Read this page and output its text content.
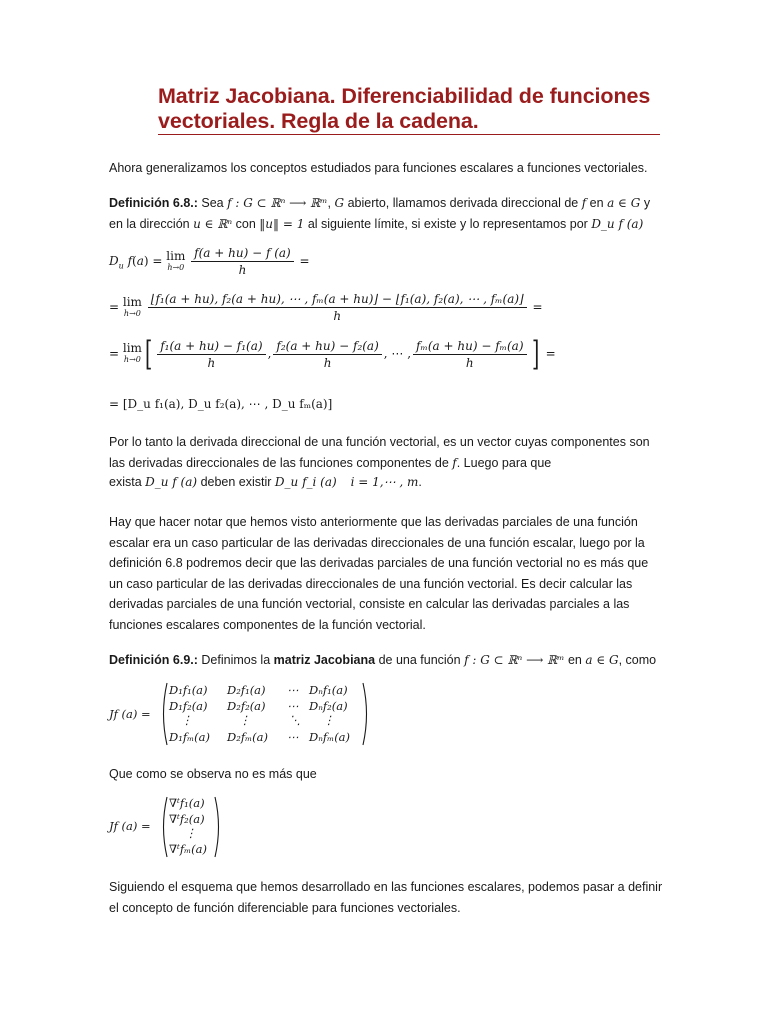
Matriz Jacobiana. Diferenciabilidad de funciones vectoriales. Regla de la cadena.
Ahora generalizamos los conceptos estudiados para funciones escalares a funciones vectoriales.
Definición 6.8.: Sea f : G ⊂ ℝⁿ ⟶ ℝᵐ, G abierto, llamamos derivada direccional de f en a ∈ G y
en la dirección u ∈ ℝⁿ con ‖u‖ = 1 al siguiente límite, si existe y lo representamos por D_u f (a)
$D_u$ f(a) = lim
h→0
$\frac{f(a + hu) - f (a)}{h}$ =
= lim
h→0

⌊f₁(a + hu), f₂(a + hu), ⋯ , fₘ(a + hu)⌋ − ⌊f₁(a), f₂(a), ⋯ , fₘ(a)⌋
h
=
= lim
h→0 [ $\frac{\text{f₁(a + hu) − f₁(a)}}{h}$ , $\frac{\text{f₂(a + hu) − f₂(a)}}{h}$ , ⋯ , $\frac{\text{fₘ(a + hu) − fₘ(a)}}{h}$ ] =
= [D_u f₁(a), D_u f₂(a), ⋯ , D_u fₘ(a)]
Por lo tanto la derivada direccional de una función vectorial, es un vector cuyas componentes son
las derivadas direccionales de las funciones componentes de f. Luego para que
exista D_u f (a) deben existir D_u f_i (a) i = 1,⋯ , m.
Hay que hacer notar que hemos visto anteriormente que las derivadas parciales de una función escalar era un caso particular de las derivadas direccionales de una función escalar, luego por la definición 6.8 podremos decir que las derivadas parciales de una función vectorial no es más que un caso particular de las derivadas direccionales de una función vectorial. Es decir calcular las derivadas parciales de una función vectorial, consiste en calcular las derivadas parciales a las funciones escalares componentes de la función vectorial.
Definición 6.9.: Definimos la matriz Jacobiana de una función f : G ⊂ ℝⁿ ⟶ ℝᵐ en a ∈ G, como
Jf (a) =
D₁f₁(a) D₂f₁(a) ⋯ Dₙf₁(a)
D₁f₂(a) D₂f₂(a) ⋯ Dₙf₂(a)
⋮	⋮	⋱ ⋮
D₁fₘ(a) D₂fₘ(a) ⋯ Dₙfₘ(a)
Que como se observa no es más que
Jf (a) =
∇ᵗf₁(a)
∇ᵗf₂(a)
⋮
∇ᵗfₘ(a)
Siguiendo el esquema que hemos desarrollado en las funciones escalares, podemos pasar a definir el concepto de función diferenciable para funciones vectoriales.
